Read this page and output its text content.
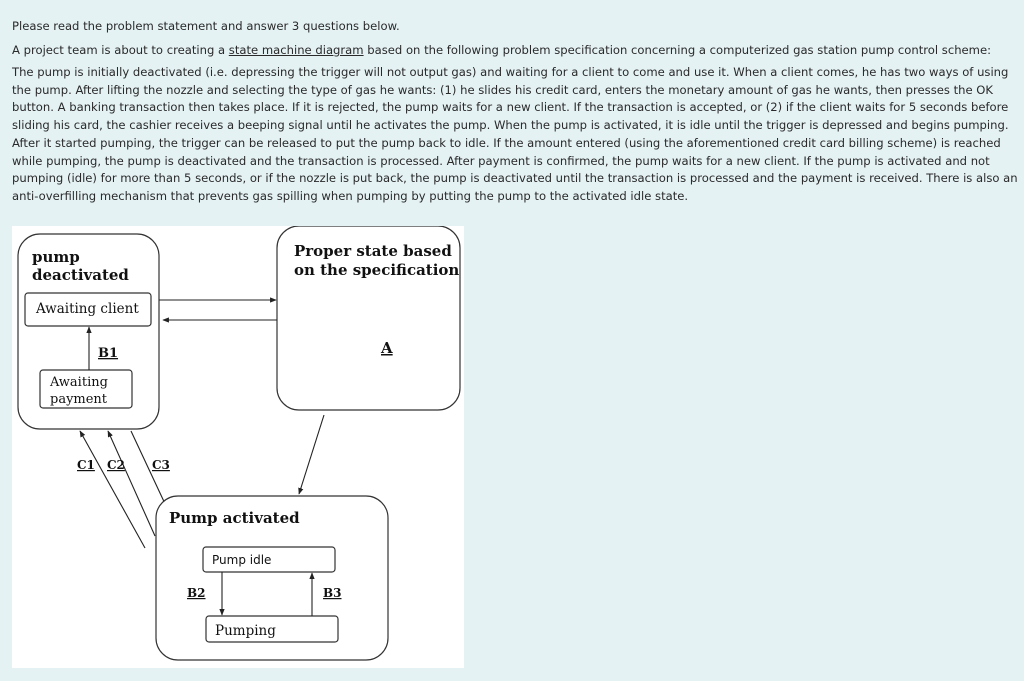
Please read the problem statement and answer 3 questions below.

A project team is about to creating a state machine diagram based on the following problem specification concerning a computerized gas station pump control scheme:

The pump is initially deactivated (i.e. depressing the trigger will not output gas) and waiting for a client to come and use it. When a client comes, he has two ways of using the pump. After lifting the nozzle and selecting the type of gas he wants: (1) he slides his credit card, enters the monetary amount of gas he wants, then presses the OK button. A banking transaction then takes place. If it is rejected, the pump waits for a new client. If the transaction is accepted, or (2) if the client waits for 5 seconds before sliding his card, the cashier receives a beeping signal until he activates the pump. When the pump is activated, it is idle until the trigger is depressed and begins pumping. After it started pumping, the trigger can be released to put the pump back to idle. If the amount entered (using the aforementioned credit card billing scheme) is reached while pumping, the pump is deactivated and the transaction is processed. After payment is confirmed, the pump waits for a new client. If the pump is activated and not pumping (idle) for more than 5 seconds, or if the nozzle is put back, the pump is deactivated until the transaction is processed and the payment is received. There is also an anti-overfilling mechanism that prevents gas spilling when pumping by putting the pump to the activated idle state.

pump
deactivated
Awaiting client
Awaiting
payment
B1
Proper state based
on the specification
A
C1 C2 C3
Pump activated
Pump idle
Pumping
B2	B3
